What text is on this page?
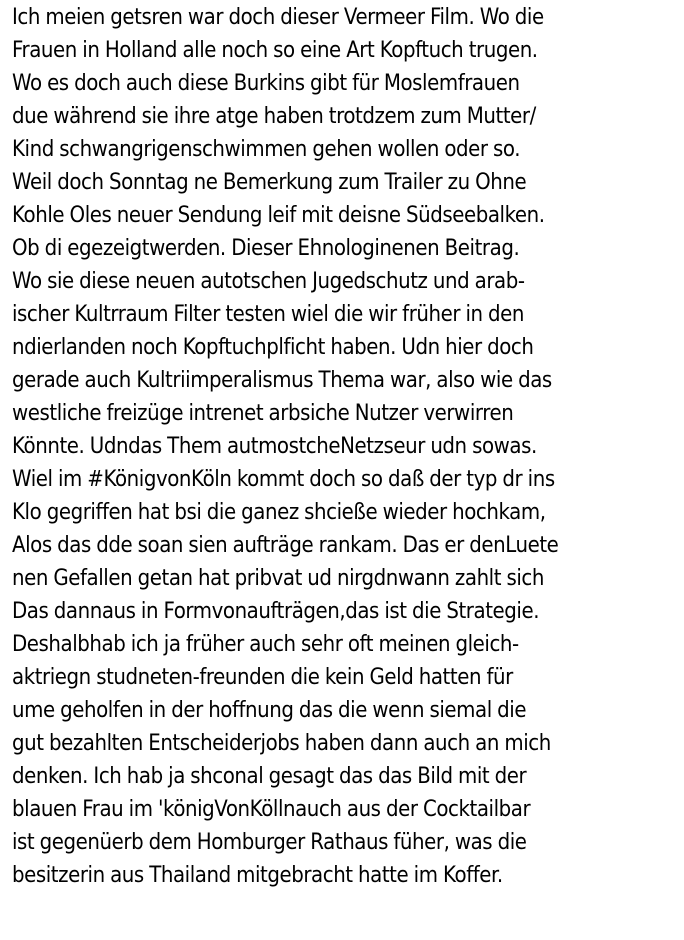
Ich meien getsren war doch dieser Vermeer Film. Wo die
Frauen in Holland alle noch so eine Art Kopftuch trugen.
Wo es doch auch diese Burkins gibt für Moslemfrauen
due während sie ihre atge haben trotdzem zum Mutter/
Kind schwangrigenschwimmen gehen wollen oder so.
Weil doch Sonntag ne Bemerkung zum Trailer zu Ohne
Kohle Oles neuer Sendung leif mit deisne Südseebalken.
Ob di egezeigtwerden. Dieser Ehnologinenen Beitrag.
Wo sie diese neuen autotschen Jugedschutz und arab-
ischer Kultrraum Filter testen wiel die wir früher in den
ndierlanden noch Kopftuchplficht haben. Udn hier doch
gerade auch Kultriimperalismus Thema war, also wie das
westliche freizüge intrenet arbsiche Nutzer verwirren
Könnte. Udndas Them autmostcheNetzseur udn sowas.
Wiel im #KönigvonKöln kommt doch so daß der typ dr ins
Klo gegriffen hat bsi die ganez shcieße wieder hochkam,
Alos das dde soan sien aufträge rankam. Das er denLuete
nen Gefallen getan hat pribvat ud nirgdnwann zahlt sich
Das dannaus in Formvonaufträgen,das ist die Strategie.
Deshalbhab ich ja früher auch sehr oft meinen gleich-
aktriegn studneten-freunden die kein Geld hatten für
ume geholfen in der hoffnung das die wenn siemal die
gut bezahlten Entscheiderjobs haben dann auch an mich
denken. Ich hab ja shconal gesagt das das Bild mit der
blauen Frau im 'königVonKöllnauch aus der Cocktailbar
ist gegenüerb dem Homburger Rathaus füher, was die
besitzerin aus Thailand mitgebracht hatte im Koffer.
